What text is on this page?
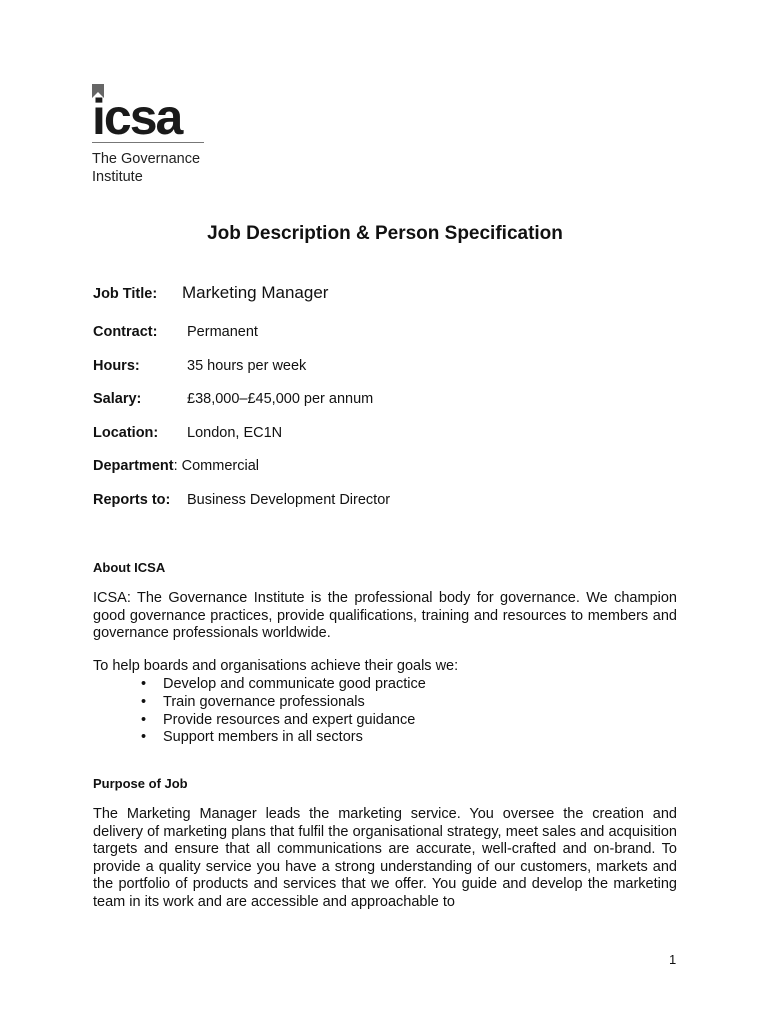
icsa
The Governance Institute
Job Description & Person Specification
Job Title: Marketing Manager
Contract: Permanent
Hours:	35 hours per week
Salary:	£38,000–£45,000 per annum
Location: London, EC1N
Department: Commercial
Reports to: Business Development Director
About ICSA

ICSA: The Governance Institute is the professional body for governance. We champion good governance practices, provide qualifications, training and resources to members and governance professionals worldwide.

To help boards and organisations achieve their goals we:

• Develop and communicate good practice
• Train governance professionals
• Provide resources and expert guidance
• Support members in all sectors
Purpose of Job

The Marketing Manager leads the marketing service. You oversee the creation and delivery of marketing plans that fulfil the organisational strategy, meet sales and acquisition targets and ensure that all communications are accurate, well-crafted and on-brand. To provide a quality service you have a strong understanding of our customers, markets and the portfolio of products and services that we offer. You guide and develop the marketing team in its work and are accessible and approachable to

1
